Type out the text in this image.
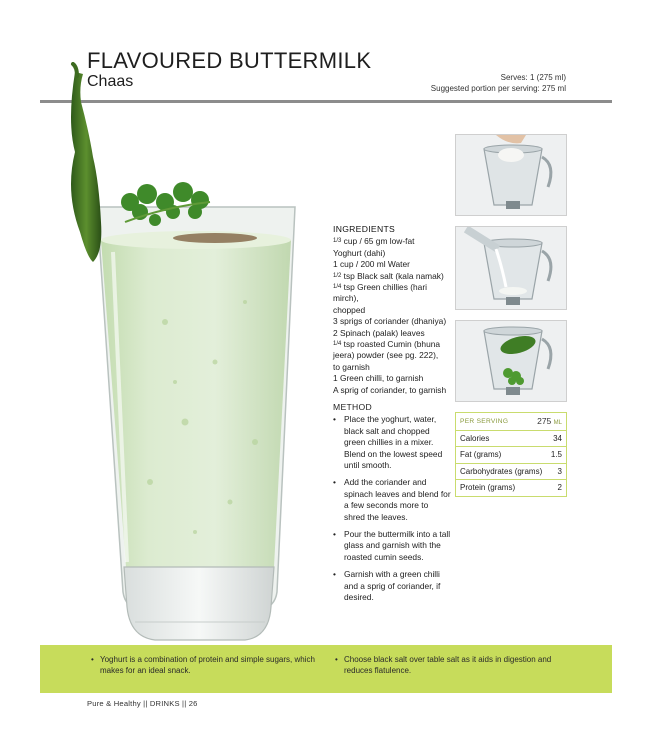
FLAVOURED BUTTERMILK
Chaas	Serves: 1 (275 ml)
Suggested portion per serving: 275 ml
INGREDIENTS
$^{1/3}$ cup / 65 gm low-fat
Yoghurt (dahi)
1 cup / 200 ml Water
$^{1/2}$ tsp Black salt (kala namak)
$^{1/4}$ tsp Green chillies (hari mirch),
chopped
3 sprigs of coriander (dhaniya)
2 Spinach (palak) leaves
$^{1/4}$ tsp roasted Cumin (bhuna
jeera) powder (see pg. 222),
to garnish
1 Green chilli, to garnish
A sprig of coriander, to garnish
METHOD
• Place the yoghurt, water, black salt and chopped green chillies in a mixer. Blend on the lowest speed until smooth.
• Add the coriander and spinach leaves and blend for a few seconds more to shred the leaves.
• Pour the buttermilk into a tall glass and garnish with the roasted cumin seeds.
• Garnish with a green chilli and a sprig of coriander, if desired.
PER SERVING	275 ML
Calories	34
Fat (grams)	1.5
Carbohydrates (grams) 3
Protein (grams)	2
• Yoghurt is a combination of protein and simple sugars, which makes for an ideal snack.
• Choose black salt over table salt as it aids in digestion and reduces flatulence.
Pure & Healthy || DRINKS || 26
